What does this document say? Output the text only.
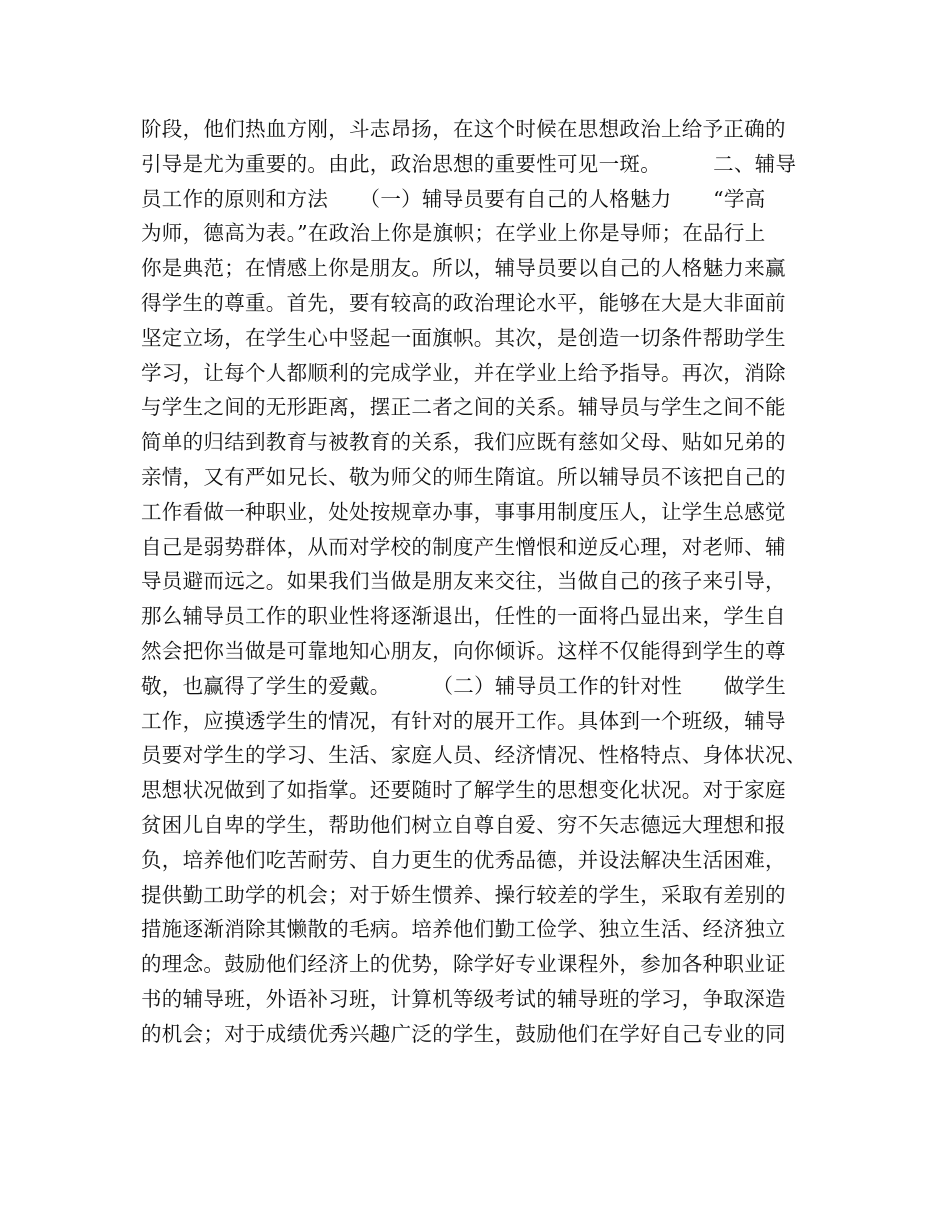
阶段，他们热血方刚，斗志昂扬，在这个时候在思想政治上给予正确的
引导是尤为重要的。由此，政治思想的重要性可见一斑。　　　二、辅导
员工作的原则和方法　　（一）辅导员要有自己的人格魅力　　“学高
为师，德高为表。”在政治上你是旗帜；在学业上你是导师；在品行上
你是典范；在情感上你是朋友。所以，辅导员要以自己的人格魅力来赢
得学生的尊重。首先，要有较高的政治理论水平，能够在大是大非面前
坚定立场，在学生心中竖起一面旗帜。其次，是创造一切条件帮助学生
学习，让每个人都顺利的完成学业，并在学业上给予指导。再次，消除
与学生之间的无形距离，摆正二者之间的关系。辅导员与学生之间不能
简单的归结到教育与被教育的关系，我们应既有慈如父母、贴如兄弟的
亲情，又有严如兄长、敬为师父的师生隋谊。所以辅导员不该把自己的
工作看做一种职业，处处按规章办事，事事用制度压人，让学生总感觉
自己是弱势群体，从而对学校的制度产生憎恨和逆反心理，对老师、辅
导员避而远之。如果我们当做是朋友来交往，当做自己的孩子来引导，
那么辅导员工作的职业性将逐渐退出，任性的一面将凸显出来，学生自
然会把你当做是可靠地知心朋友，向你倾诉。这样不仅能得到学生的尊
敬，也赢得了学生的爱戴。　　　（二）辅导员工作的针对性　　做学生
工作，应摸透学生的情况，有针对的展开工作。具体到一个班级，辅导
员要对学生的学习、生活、家庭人员、经济情况、性格特点、身体状况、
思想状况做到了如指掌。还要随时了解学生的思想变化状况。对于家庭
贫困儿自卑的学生，帮助他们树立自尊自爱、穷不矢志德远大理想和报
负，培养他们吃苦耐劳、自力更生的优秀品德，并设法解决生活困难，
提供勤工助学的机会；对于娇生惯养、操行较差的学生，采取有差别的
措施逐渐消除其懒散的毛病。培养他们勤工俭学、独立生活、经济独立
的理念。鼓励他们经济上的优势，除学好专业课程外，参加各种职业证
书的辅导班，外语补习班，计算机等级考试的辅导班的学习，争取深造
的机会；对于成绩优秀兴趣广泛的学生，鼓励他们在学好自己专业的同
